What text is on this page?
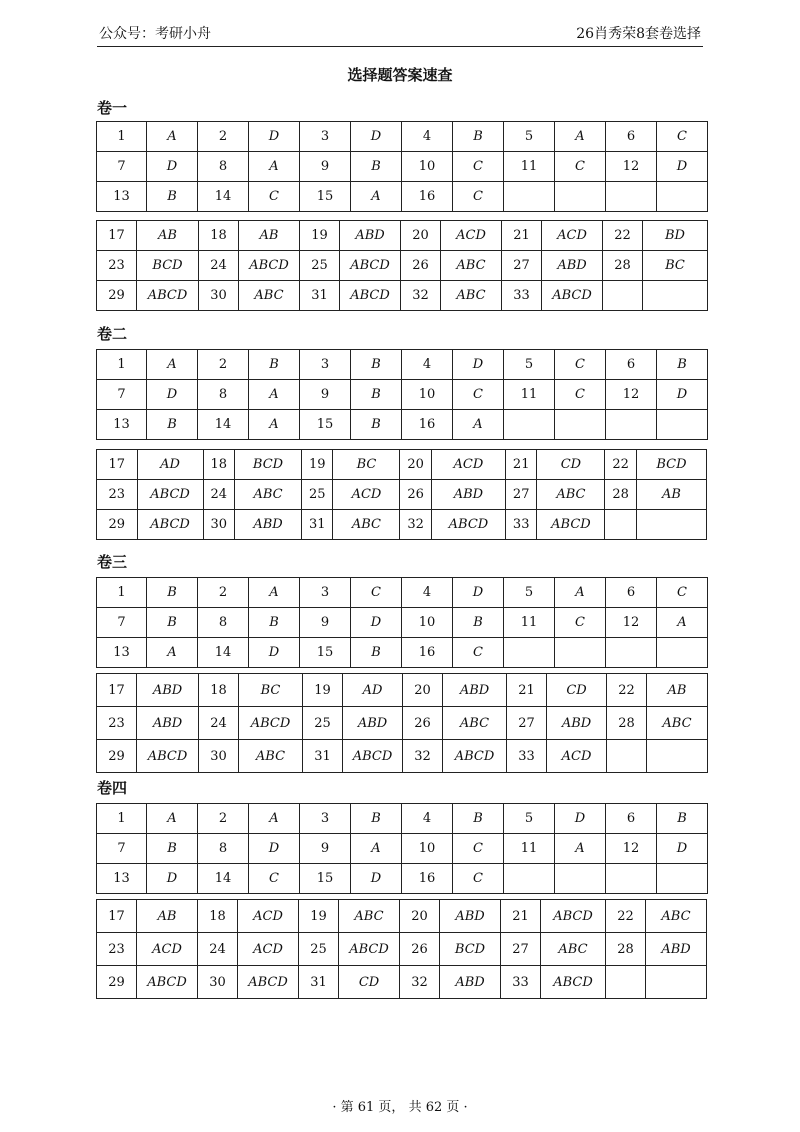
公众号：考研小舟	26肖秀荣8套卷选择
选择题答案速查
卷一
1	A	2	D	3	D	4	B	5	A	6	C
7	D	8	A	9	B	10	C	11	C	12	D
13	B	14	C	15	A	16	C				
17	AB	18	AB	19	ABD	20	ACD	21	ACD	22	BD
23	BCD	24	ABCD	25	ABCD	26	ABC	27	ABD	28	BC
29	ABCD	30	ABC	31	ABCD	32	ABC	33	ABCD		
卷二
1	A	2	B	3	B	4	D	5	C	6	B
7	D	8	A	9	B	10	C	11	C	12	D
13	B	14	A	15	B	16	A				
17	AD	18	BCD	19	BC	20	ACD	21	CD	22	BCD
23	ABCD	24	ABC	25	ACD	26	ABD	27	ABC	28	AB
29	ABCD	30	ABD	31	ABC	32	ABCD	33	ABCD		
卷三
1	B	2	A	3	C	4	D	5	A	6	C
7	B	8	B	9	D	10	B	11	C	12	A
13	A	14	D	15	B	16	C				
17	ABD	18	BC	19	AD	20	ABD	21	CD	22	AB
23	ABD	24	ABCD	25	ABD	26	ABC	27	ABD	28	ABC
29	ABCD	30	ABC	31	ABCD	32	ABCD	33	ACD		
卷四
1	A	2	A	3	B	4	B	5	D	6	B
7	B	8	D	9	A	10	C	11	A	12	D
13	D	14	C	15	D	16	C				
17	AB	18	ACD	19	ABC	20	ABD	21	ABCD	22	ABC
23	ACD	24	ACD	25	ABCD	26	BCD	27	ABC	28	ABD
29	ABCD	30	ABCD	31	CD	32	ABD	33	ABCD		
· 第 61 页， 共 62 页 ·
